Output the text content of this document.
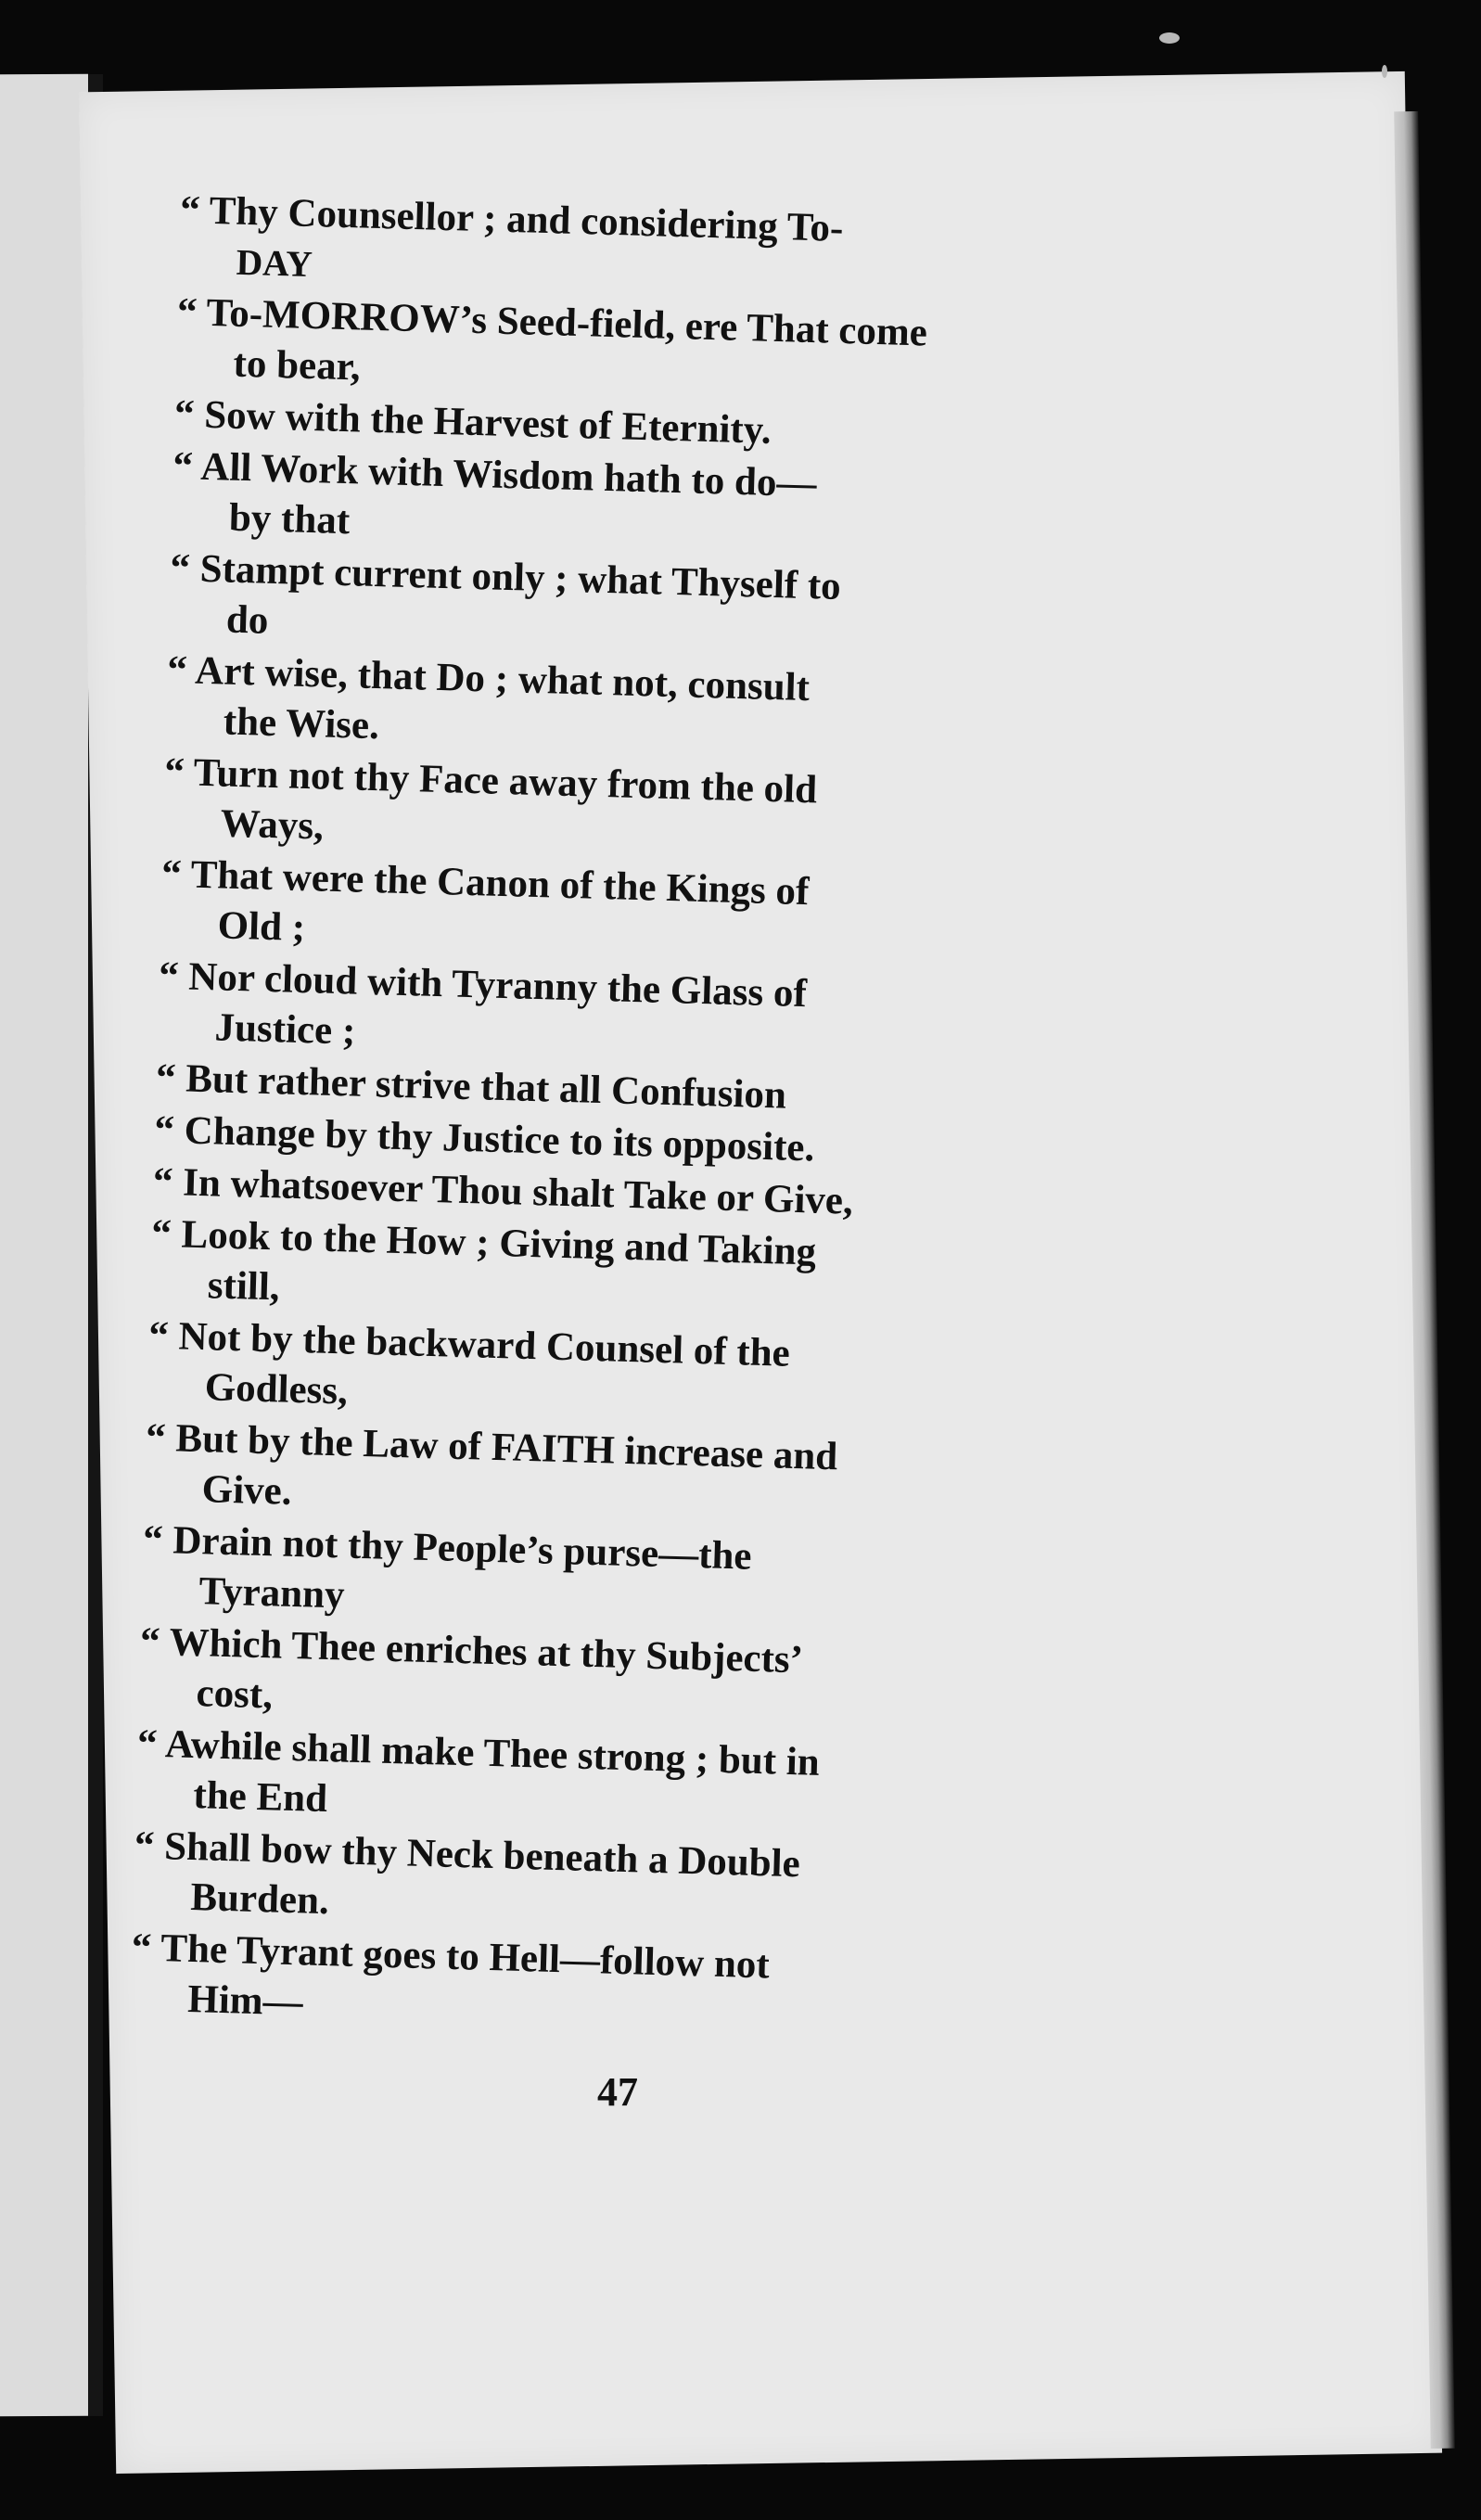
“ Thy Counsellor ; and considering To-
DAY
“ To-MORROW’s Seed-field, ere That come
to bear,
“ Sow with the Harvest of Eternity.
“ All Work with Wisdom hath to do—
by that
“ Stampt current only ; what Thyself to
do
“ Art wise, that Do ; what not, consult
the Wise.
“ Turn not thy Face away from the old
Ways,
“ That were the Canon of the Kings of
Old ;
“ Nor cloud with Tyranny the Glass of
Justice ;
“ But rather strive that all Confusion
“ Change by thy Justice to its opposite.
“ In whatsoever Thou shalt Take or Give,
“ Look to the How ; Giving and Taking
still,
“ Not by the backward Counsel of the
Godless,
“ But by the Law of FAITH increase and
Give.
“ Drain not thy People’s purse—the
Tyranny
“ Which Thee enriches at thy Subjects’
cost,
“ Awhile shall make Thee strong ; but in
the End
“ Shall bow thy Neck beneath a Double
Burden.
“ The Tyrant goes to Hell—follow not
Him—
47
